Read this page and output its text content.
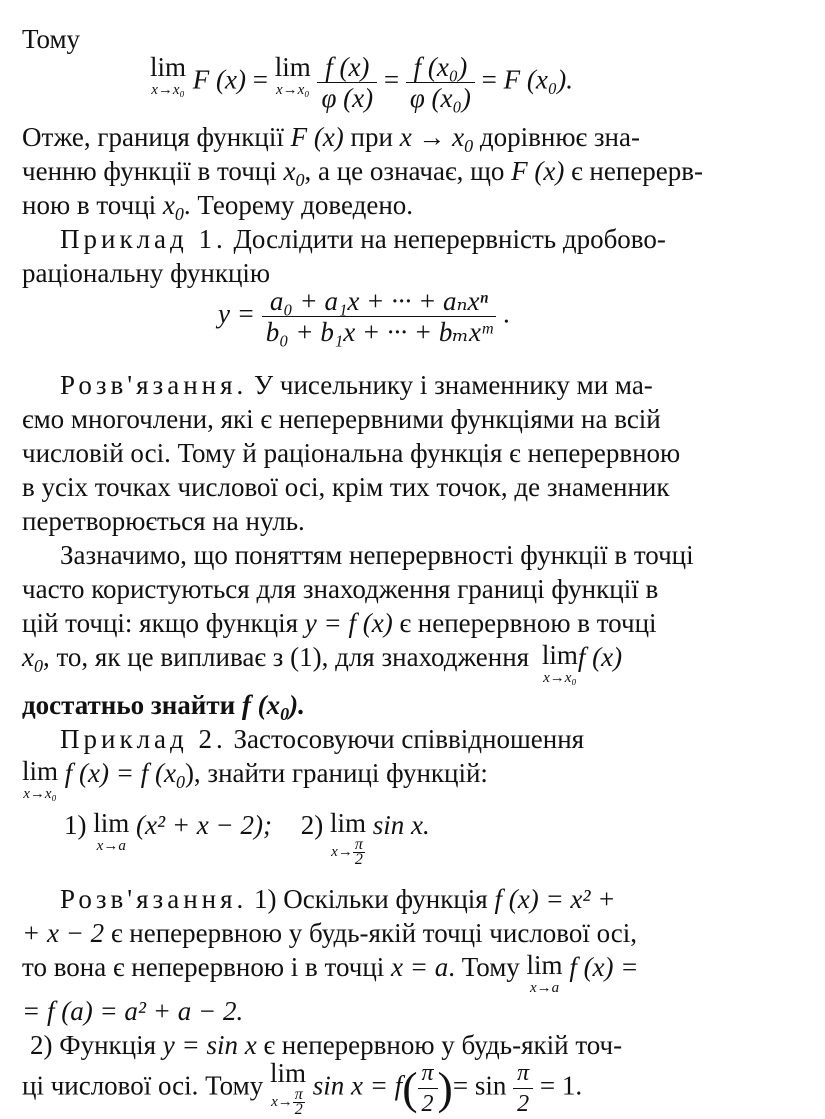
Тому
lim
x→x₀ F (x) = lim
x→x₀
$\frac{f (x)}{\varphi (x)} = \frac{\text{f (x₀)}}{\text{φ (x₀)}} = F$ (x₀).
Отже, границя функції F (x) при $x \to x_0$ дорівнює зна-
ченню функції в точці $x_0$, а це означає, що F (x) є неперерв-
ною в точці $x_0$. Теорему доведено.
Приклад 1. Дослідити на неперервність дробово-
раціональну функцію
$y = \frac{\text{a₀ + a₁x + ··· + aₙxⁿ}}{\text{b₀ + b₁x + ··· + bₘxᵐ}}$ .
Розв'язання. У чисельнику і знаменнику ми ма-
ємо многочлени, які є неперервними функціями на всій
числовій осі. Тому й раціональна функція є неперервною
в усіх точках числової осі, крім тих точок, де знаменник
перетворюється на нуль.
Зазначимо, що поняттям неперервності функції в точці
часто користуються для знаходження границі функції в
цій точці: якщо функція y = f (x) є неперервною в точці
$x_0$, то, як це випливає з (1), для знаходження lim
x→x₀
f (x)
достатньо знайти f $(x_0)$.
Приклад 2. Застосовуючи співвідношення
lim
x→x₀
f (x) = f $(x_0)$, знайти границі функцій:
1) lim
x→a
(x² + x − 2); 2) lim
$x\to \frac{\pi}{2}$
sin x.
Розв'язання. 1) Оскільки функція f (x) = x² +
+ x − 2 є неперервною у будь-якій точці числової осі,
то вона є неперервною і в точці x = a. Тому lim
x→a
f (x) =
= f (a) = a² + a − 2.
2) Функція y = sin x є неперервною у будь-якій точ-
ці числової осі. Тому lim
$x\to \frac{\pi}{2}$
$\sin x = f( \frac{\pi}{2}$ )= $\sin \frac{\pi}{2} = 1$.
